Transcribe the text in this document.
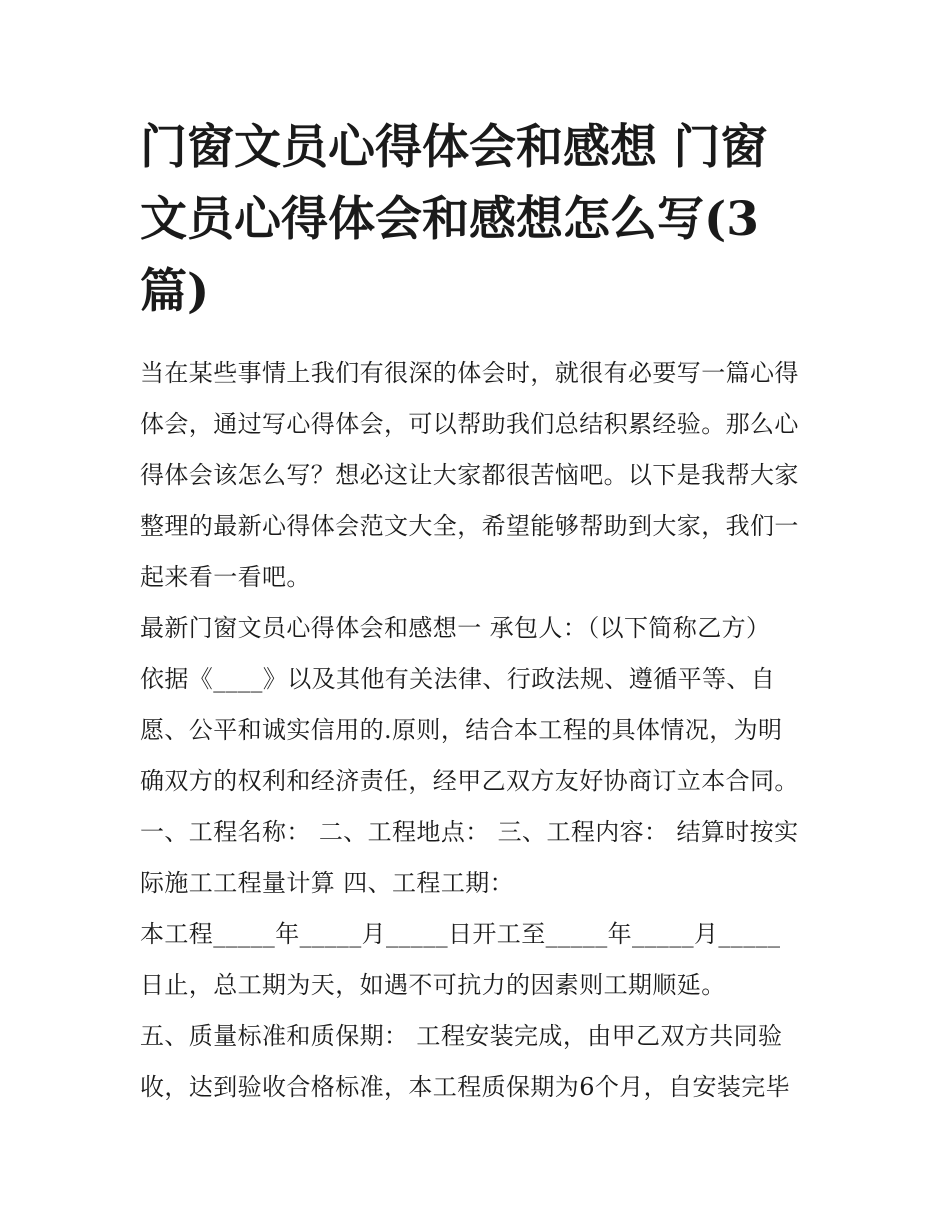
门窗文员心得体会和感想 门窗
文员心得体会和感想怎么写(3
篇)

当在某些事情上我们有很深的体会时，就很有必要写一篇心得
体会，通过写心得体会，可以帮助我们总结积累经验。那么心
得体会该怎么写？想必这让大家都很苦恼吧。以下是我帮大家
整理的最新心得体会范文大全，希望能够帮助到大家，我们一
起来看一看吧。

最新门窗文员心得体会和感想一 承包人：（以下简称乙方）
依据《____》以及其他有关法律、行政法规、遵循平等、自
愿、公平和诚实信用的.原则，结合本工程的具体情况，为明
确双方的权利和经济责任，经甲乙双方友好协商订立本合同。
一、工程名称： 二、工程地点： 三、工程内容： 结算时按实
际施工工程量计算 四、工程工期：

本工程_____年_____月_____日开工至_____年_____月_____
日止，总工期为天，如遇不可抗力的因素则工期顺延。

五、质量标准和质保期： 工程安装完成，由甲乙双方共同验
收，达到验收合格标准，本工程质保期为6个月，自安装完毕
